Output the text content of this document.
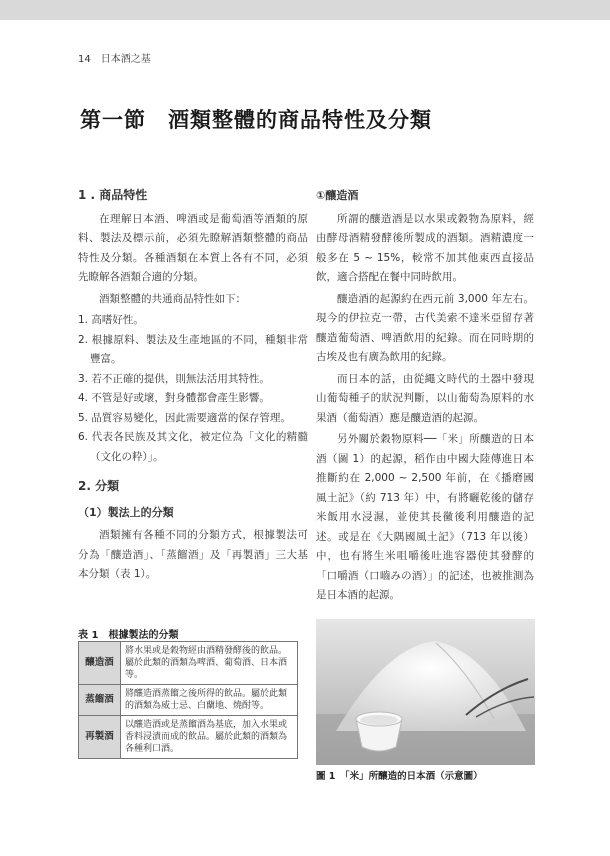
14 日本酒之基
第一節 酒類整體的商品特性及分類
1 . 商品特性
在理解日本酒、啤酒或是葡萄酒等酒類的原料、製法及標示前，必須先瞭解酒類整體的商品特性及分類。各種酒類在本質上各有不同，必須先瞭解各酒類合適的分類。
酒類整體的共通商品特性如下：
1. 高嗜好性。
2. 根據原料、製法及生產地區的不同，種類非常豐富。
3. 若不正確的提供，則無法活用其特性。
4. 不管是好或壞，對身體都會產生影響。
5. 品質容易變化，因此需要適當的保存管理。
6. 代表各民族及其文化，被定位為「文化的精髓（文化の粋）」。
2. 分類
（1）製法上的分類
酒類擁有各種不同的分類方式，根據製法可分為「釀造酒」、「蒸餾酒」及「再製酒」三大基本分類（表 1）。
①釀造酒
所謂的釀造酒是以水果或穀物為原料，經由酵母酒精發酵後所製成的酒類。酒精濃度一般多在 5 ~ 15%，較常不加其他東西直接品飲，適合搭配在餐中同時飲用。
釀造酒的起源約在西元前 3,000 年左右。現今的伊拉克一帶，古代美索不達米亞留存著釀造葡萄酒、啤酒飲用的紀錄。而在同時期的古埃及也有廣為飲用的紀錄。
而日本的話，由從繩文時代的土器中發現山葡萄種子的狀況判斷，以山葡萄為原料的水果酒（葡萄酒）應是釀造酒的起源。
另外關於穀物原料──「米」所釀造的日本酒（圖 1）的起源，稻作由中國大陸傳進日本推斷約在 2,000 ~ 2,500 年前，在《播磨國風土記》（約 713 年）中，有將曬乾後的儲存米飯用水浸濕，並使其長黴後利用釀造的記述。或是在《大隅國風土記》（713 年以後）中，也有將生米咀嚼後吐進容器使其發酵的「口嚼酒（口嚙みの酒）」的記述，也被推測為是日本酒的起源。
表 1　根據製法的分類
釀造酒	將水果或是穀物經由酒精發酵後的飲品。屬於此類的酒類為啤酒、葡萄酒、日本酒等。
蒸餾酒	將釀造酒蒸餾之後所得的飲品。屬於此類的酒類為威士忌、白蘭地、燒酎等。
再製酒	以釀造酒或是蒸餾酒為基底，加入水果或香料浸漬而成的飲品。屬於此類的酒類為各種利口酒。
圖 1　「米」所釀造的日本酒（示意圖）
